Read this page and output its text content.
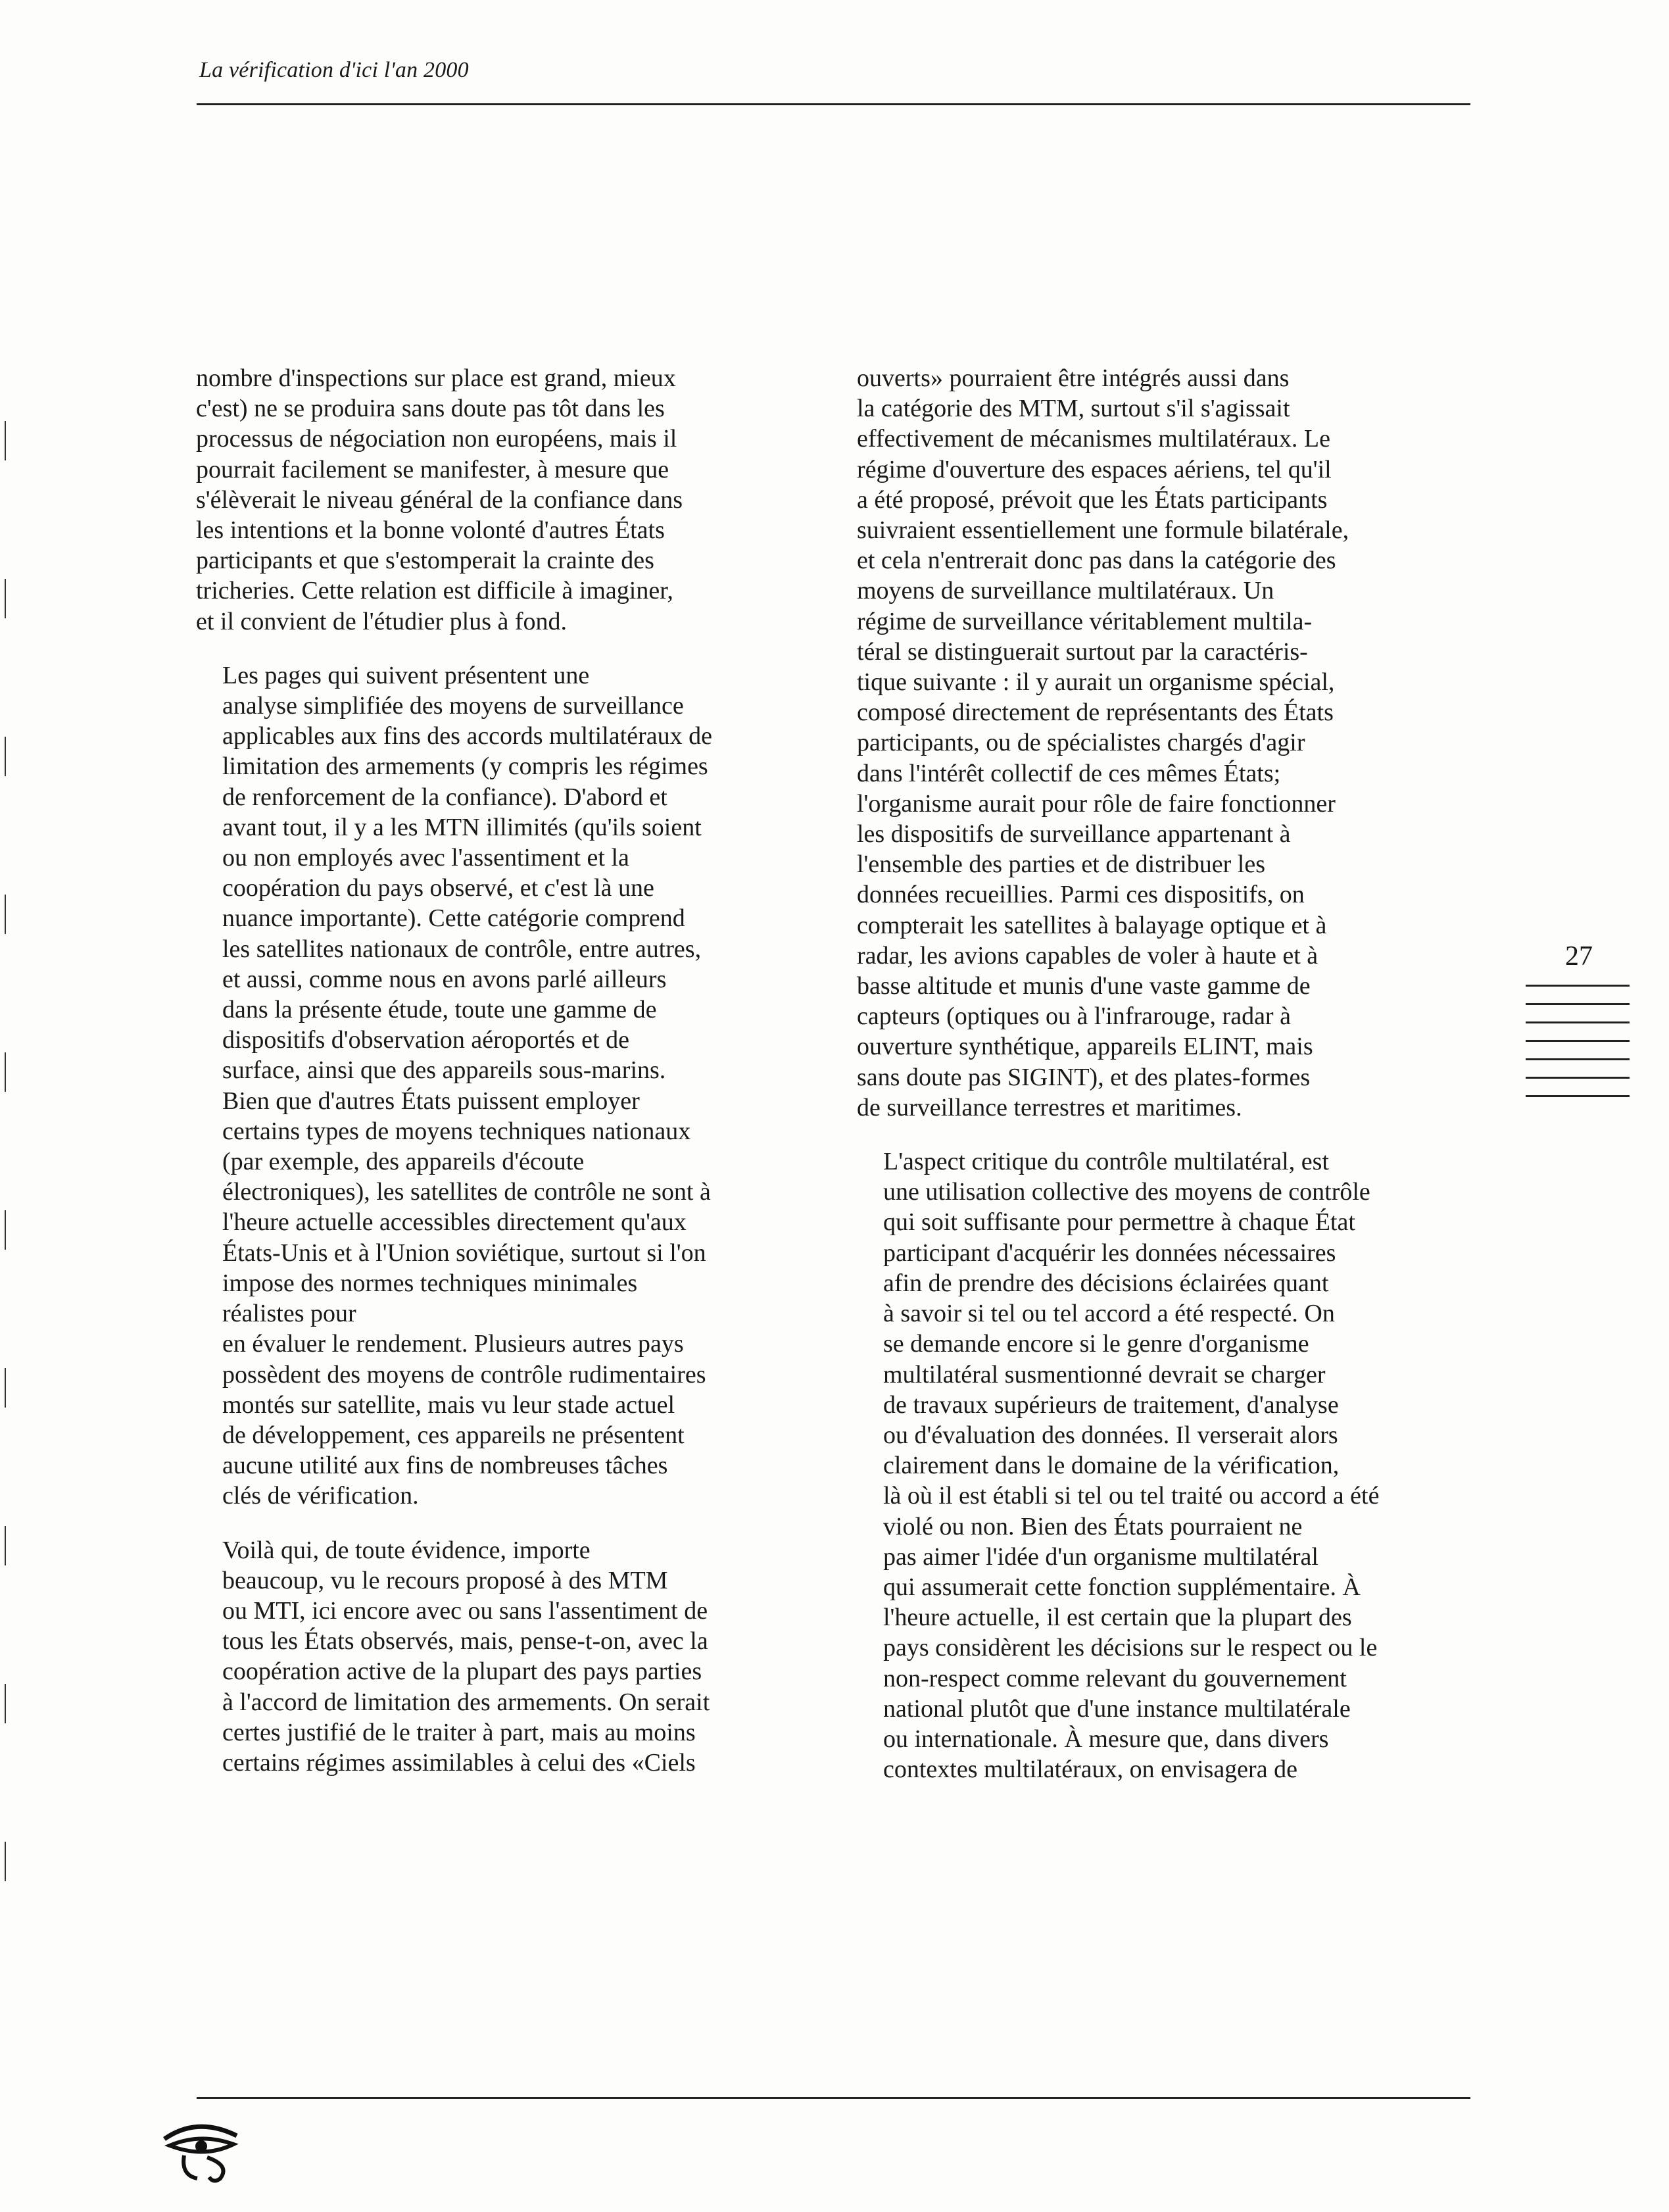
La vérification d'ici l'an 2000

nombre d'inspections sur place est grand, mieux
c'est) ne se produira sans doute pas tôt dans les
processus de négociation non européens, mais il
pourrait facilement se manifester, à mesure que
s'élèverait le niveau général de la confiance dans
les intentions et la bonne volonté d'autres États
participants et que s'estomperait la crainte des
tricheries. Cette relation est difficile à imaginer,
et il convient de l'étudier plus à fond.

Les pages qui suivent présentent une
analyse simplifiée des moyens de surveillance
applicables aux fins des accords multilatéraux de
limitation des armements (y compris les régimes
de renforcement de la confiance). D'abord et
avant tout, il y a les MTN illimités (qu'ils soient
ou non employés avec l'assentiment et la
coopération du pays observé, et c'est là une
nuance importante). Cette catégorie comprend
les satellites nationaux de contrôle, entre autres,
et aussi, comme nous en avons parlé ailleurs
dans la présente étude, toute une gamme de
dispositifs d'observation aéroportés et de
surface, ainsi que des appareils sous-marins.
Bien que d'autres États puissent employer
certains types de moyens techniques nationaux
(par exemple, des appareils d'écoute
électroniques), les satellites de contrôle ne sont à
l'heure actuelle accessibles directement qu'aux
États-Unis et à l'Union soviétique, surtout si l'on
impose des normes techniques minimales
réalistes pour
en évaluer le rendement. Plusieurs autres pays
possèdent des moyens de contrôle rudimentaires
montés sur satellite, mais vu leur stade actuel
de développement, ces appareils ne présentent
aucune utilité aux fins de nombreuses tâches
clés de vérification.

Voilà qui, de toute évidence, importe
beaucoup, vu le recours proposé à des MTM
ou MTI, ici encore avec ou sans l'assentiment de
tous les États observés, mais, pense-t-on, avec la
coopération active de la plupart des pays parties
à l'accord de limitation des armements. On serait
certes justifié de le traiter à part, mais au moins
certains régimes assimilables à celui des «Ciels

ouverts» pourraient être intégrés aussi dans
la catégorie des MTM, surtout s'il s'agissait
effectivement de mécanismes multilatéraux. Le
régime d'ouverture des espaces aériens, tel qu'il
a été proposé, prévoit que les États participants
suivraient essentiellement une formule bilatérale,
et cela n'entrerait donc pas dans la catégorie des
moyens de surveillance multilatéraux. Un
régime de surveillance véritablement multila-
téral se distinguerait surtout par la caractéris-
tique suivante : il y aurait un organisme spécial,
composé directement de représentants des États
participants, ou de spécialistes chargés d'agir
dans l'intérêt collectif de ces mêmes États;
l'organisme aurait pour rôle de faire fonctionner
les dispositifs de surveillance appartenant à
l'ensemble des parties et de distribuer les
données recueillies. Parmi ces dispositifs, on
compterait les satellites à balayage optique et à
radar, les avions capables de voler à haute et à
basse altitude et munis d'une vaste gamme de
capteurs (optiques ou à l'infrarouge, radar à
ouverture synthétique, appareils ELINT, mais
sans doute pas SIGINT), et des plates-formes
de surveillance terrestres et maritimes.

L'aspect critique du contrôle multilatéral, est
une utilisation collective des moyens de contrôle
qui soit suffisante pour permettre à chaque État
participant d'acquérir les données nécessaires
afin de prendre des décisions éclairées quant
à savoir si tel ou tel accord a été respecté. On
se demande encore si le genre d'organisme
multilatéral susmentionné devrait se charger
de travaux supérieurs de traitement, d'analyse
ou d'évaluation des données. Il verserait alors
clairement dans le domaine de la vérification,
là où il est établi si tel ou tel traité ou accord a été
violé ou non. Bien des États pourraient ne
pas aimer l'idée d'un organisme multilatéral
qui assumerait cette fonction supplémentaire. À
l'heure actuelle, il est certain que la plupart des
pays considèrent les décisions sur le respect ou le
non-respect comme relevant du gouvernement
national plutôt que d'une instance multilatérale
ou internationale. À mesure que, dans divers
contextes multilatéraux, on envisagera de

27
